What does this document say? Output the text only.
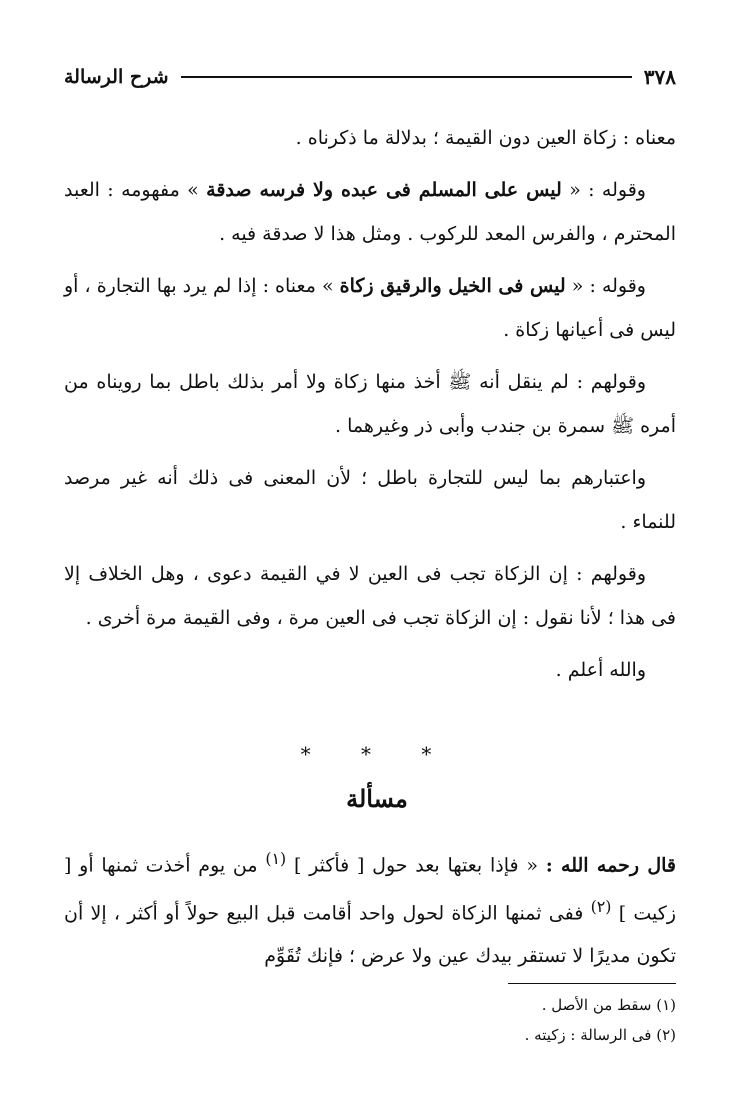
٣٧٨
شرح الرسالة

معناه : زكاة العين دون القيمة ؛ بدلالة ما ذكرناه .

وقوله : « ليس على المسلم فى عبده ولا فرسه صدقة » مفهومه : العبد المحترم ، والفرس المعد للركوب . ومثل هذا لا صدقة فيه .

وقوله : « ليس فى الخيل والرقيق زكاة » معناه : إذا لم يرد بها التجارة ، أو ليس فى أعيانها زكاة .

وقولهم : لم ينقل أنه ﷺ أخذ منها زكاة ولا أمر بذلك باطل بما رويناه من أمره ﷺ سمرة بن جندب وأبى ذر وغيرهما .

واعتبارهم بما ليس للتجارة باطل ؛ لأن المعنى فى ذلك أنه غير مرصد للنماء .

وقولهم : إن الزكاة تجب فى العين لا في القيمة دعوى ، وهل الخلاف إلا فى هذا ؛ لأنا نقول : إن الزكاة تجب فى العين مرة ، وفى القيمة مرة أخرى .

والله أعلم .

* * *
مسألة
قال رحمه الله : « فإذا بعتها بعد حول [ فأكثر ] $^{(١)}$ من يوم أخذت ثمنها أو [ زكيت ] $^{(٢)}$ ففى ثمنها الزكاة لحول واحد أقامت قبل البيع حولاً أو أكثر ، إلا أن تكون مديرًا لا تستقر بيدك عين ولا عرض ؛ فإنك تُقَوِّم
(١) سقط من الأصل .
(٢) فى الرسالة : زكيته .
